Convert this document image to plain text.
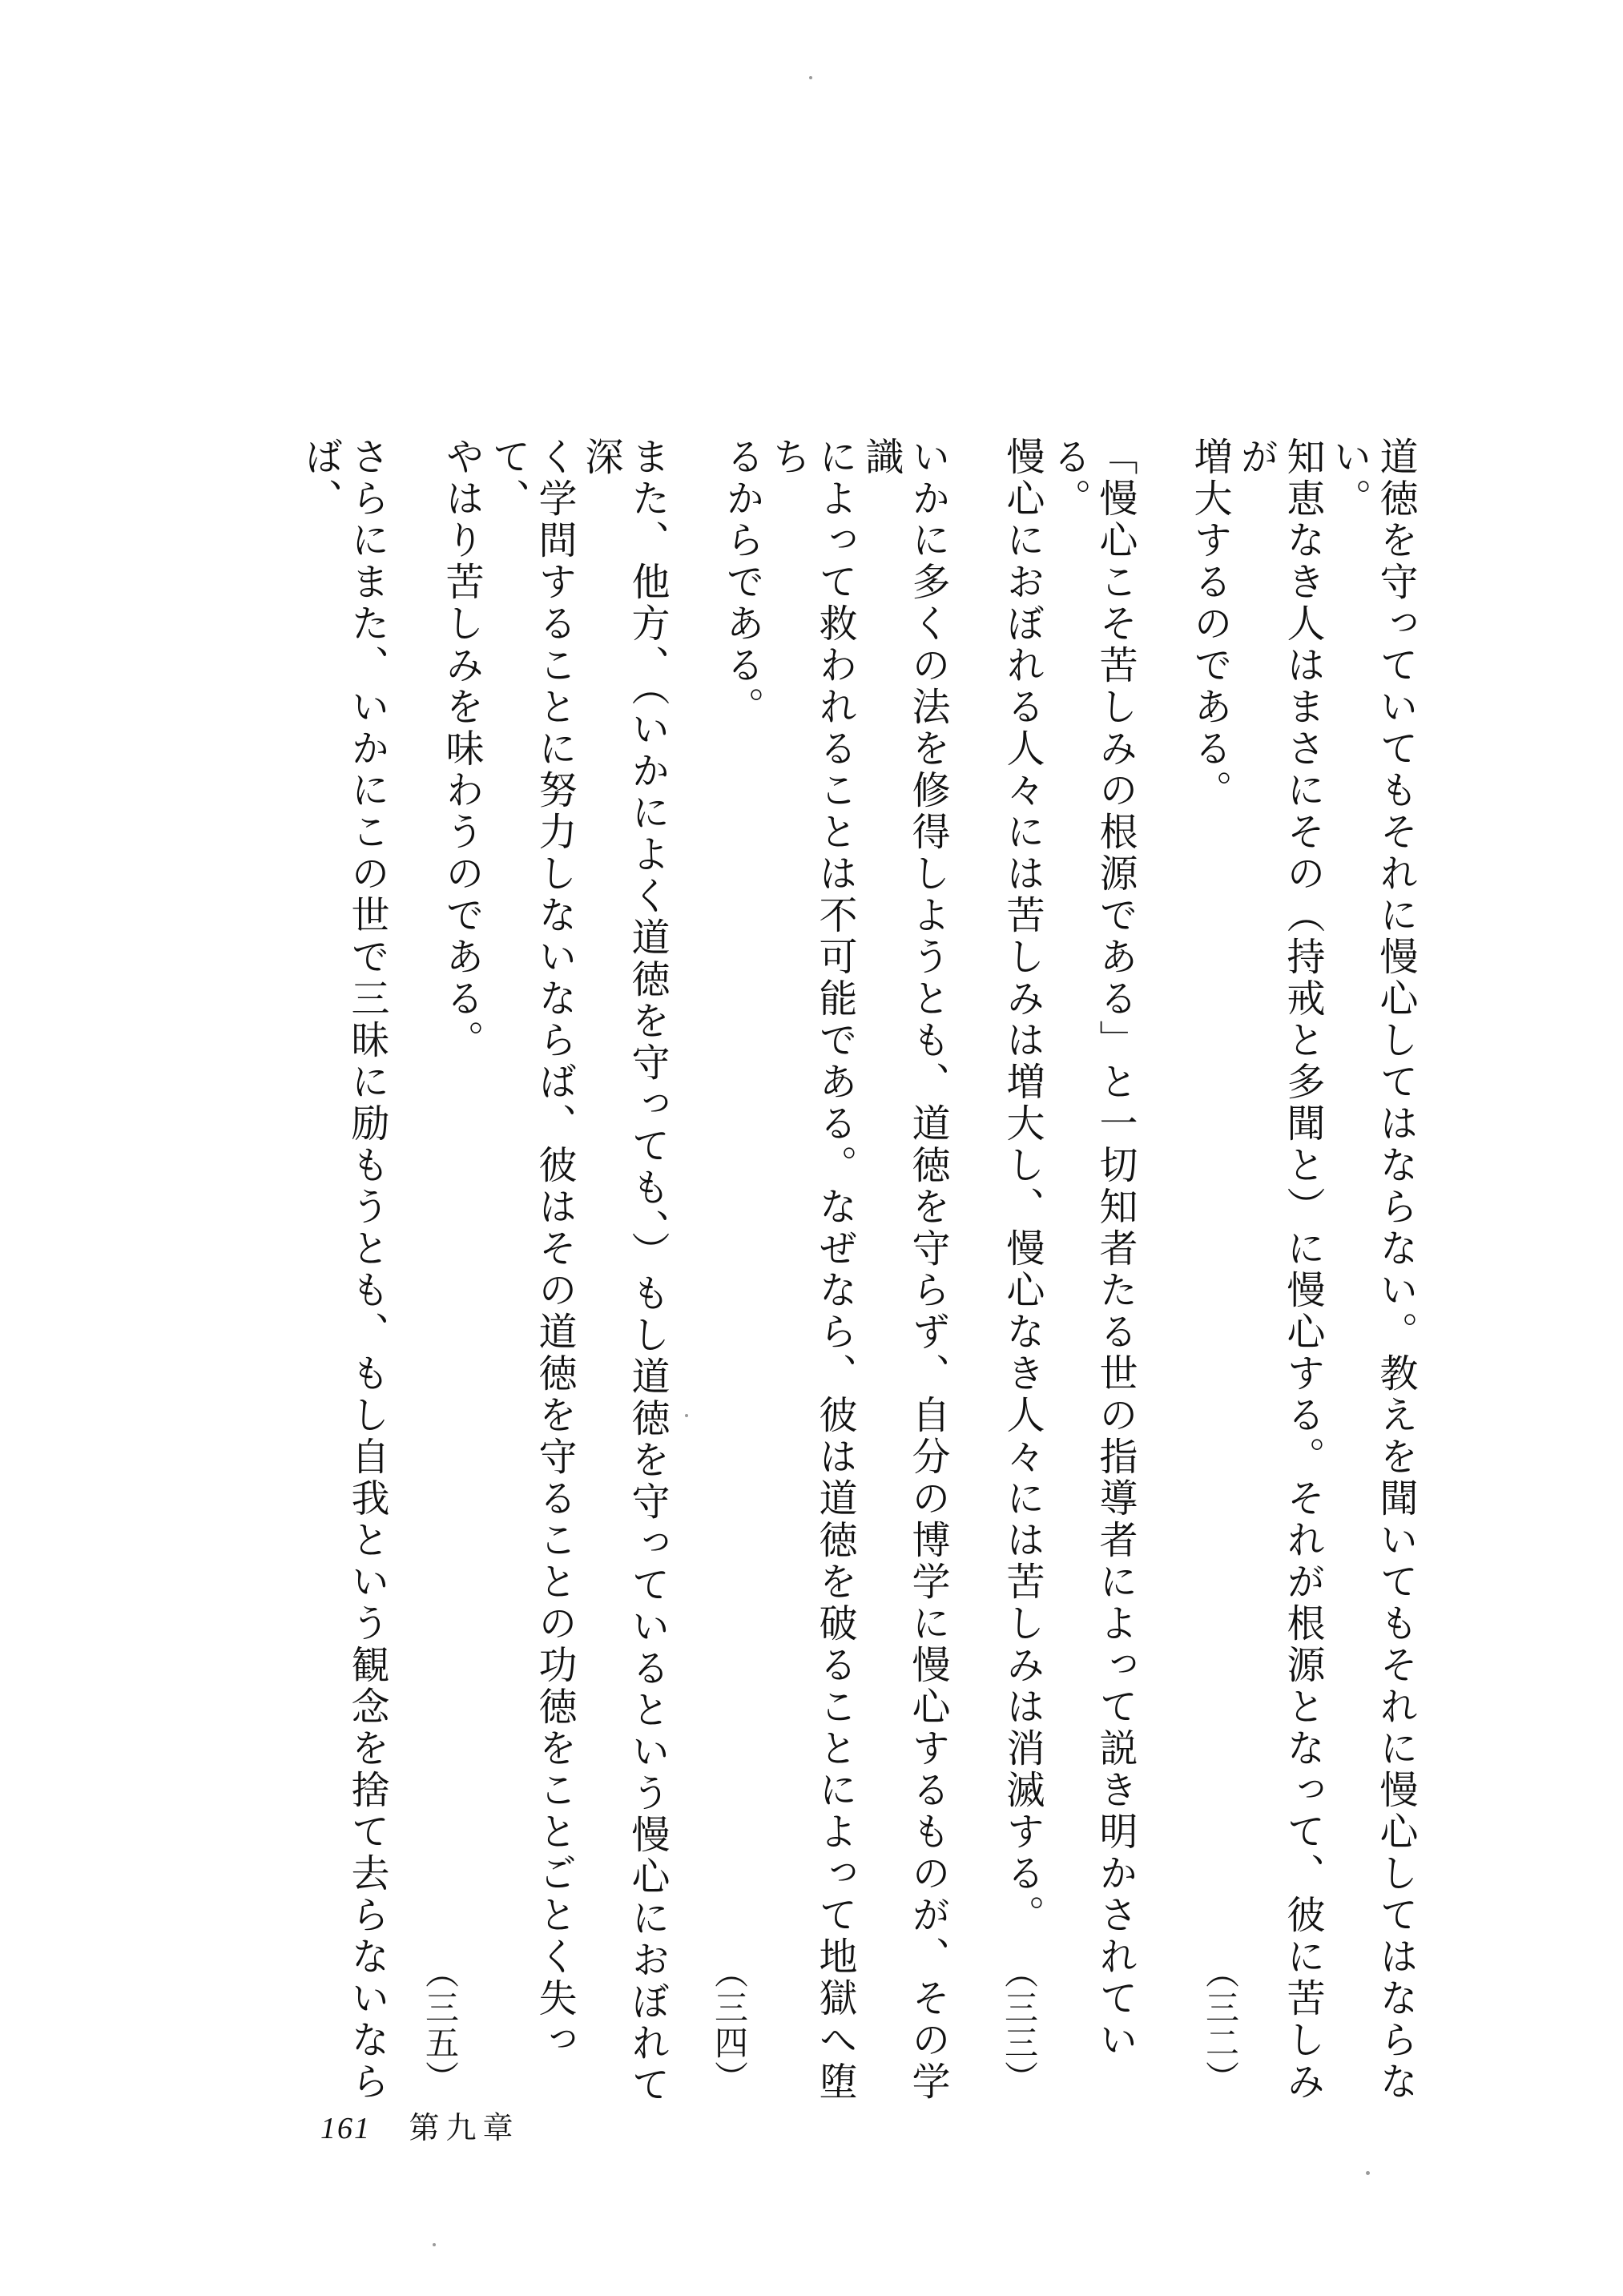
道徳を守っていてもそれに慢心してはならない。教えを聞いてもそれに慢心してはならない。
知恵なき人はまさにその（持戒と多聞と）に慢心する。それが根源となって、彼に苦しみが
増大するのである。
「慢心こそ苦しみの根源である」と一切知者たる世の指導者によって説き明かされている。
慢心におぼれる人々には苦しみは増大し、慢心なき人々には苦しみは消滅する。
いかに多くの法を修得しようとも、道徳を守らず、自分の博学に慢心するものが、その学識
によって救われることは不可能である。なぜなら、彼は道徳を破ることによって地獄へ堕ち
るからである。
また、他方、（いかによく道徳を守っても、）もし道徳を守っているという慢心におぼれて深
く学問することに努力しないならば、彼はその道徳を守ることの功徳をことごとく失って、
やはり苦しみを味わうのである。
さらにまた、いかにこの世で三昧に励もうとも、もし自我という観念を捨て去らないならば、
（三二）
（三三）
（三四）
（三五）
161 第九章
